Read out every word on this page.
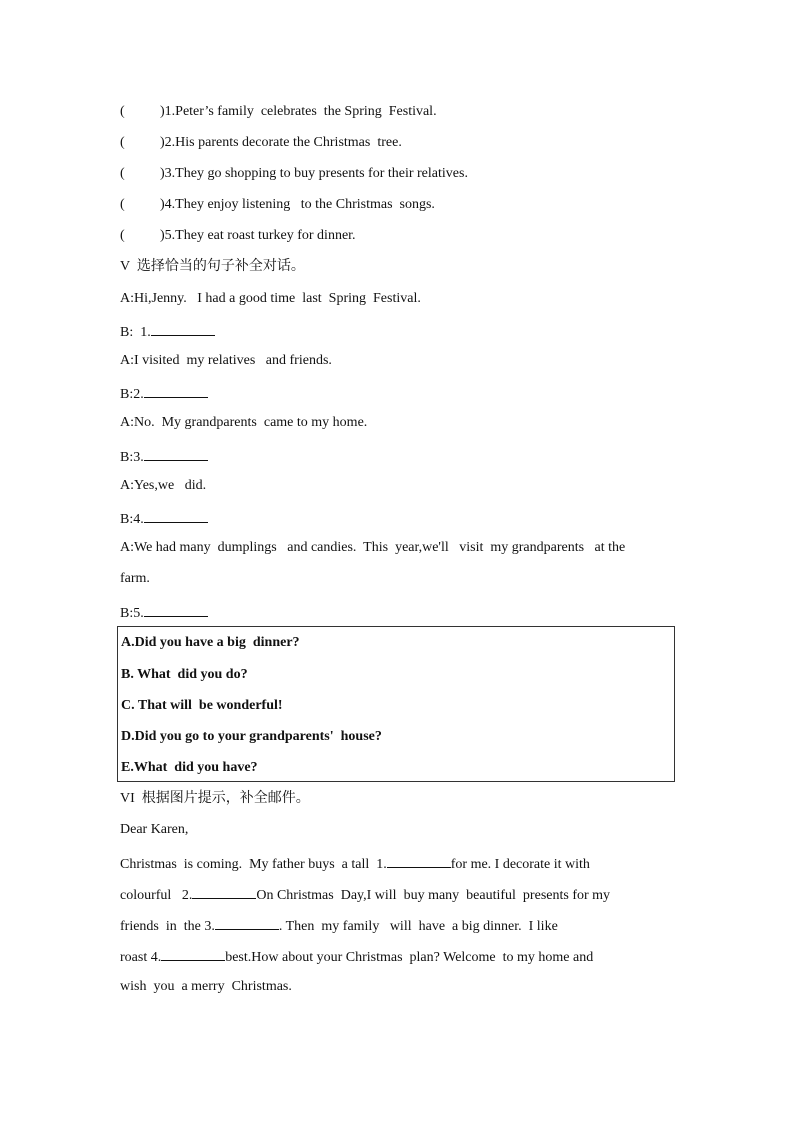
(	)1. Peter’s family  celebrates  the Spring  Festival.
(	)2. His parents decorate the Christmas  tree.
(	)3. They go shopping to buy presents for their relatives.
(	)4. They enjoy listening   to the Christmas  songs.
(	)5. They eat roast turkey for dinner.
V  选择恰当的句子补全对话。
A:Hi,Jenny.   I had a good time  last  Spring  Festival.
B:  1.
A:I visited  my relatives   and friends.
B:2.
A:No.  My grandparents  came to my home.
B:3.
A:Yes,we   did.
B:4.
A:We had many  dumplings   and candies.  This  year,we'll   visit  my grandparents   at the
farm.
B:5.
A.Did you have a big  dinner?
B. What  did you do?
C. That will  be wonderful!
D.Did you go to your grandparents'  house?
E.What  did you have?
VI  根据图片提示，补全邮件。
Dear Karen,
Christmas  is coming.  My father buys  a tall  1.	for me. I decorate it with
colourful   2.	On Christmas  Day,I will  buy many  beautiful  presents for my
friends  in  the 3.	. Then  my family   will  have  a big dinner.  I like
roast 4.	best.How about your Christmas  plan? Welcome  to my home and
wish  you  a merry  Christmas.
